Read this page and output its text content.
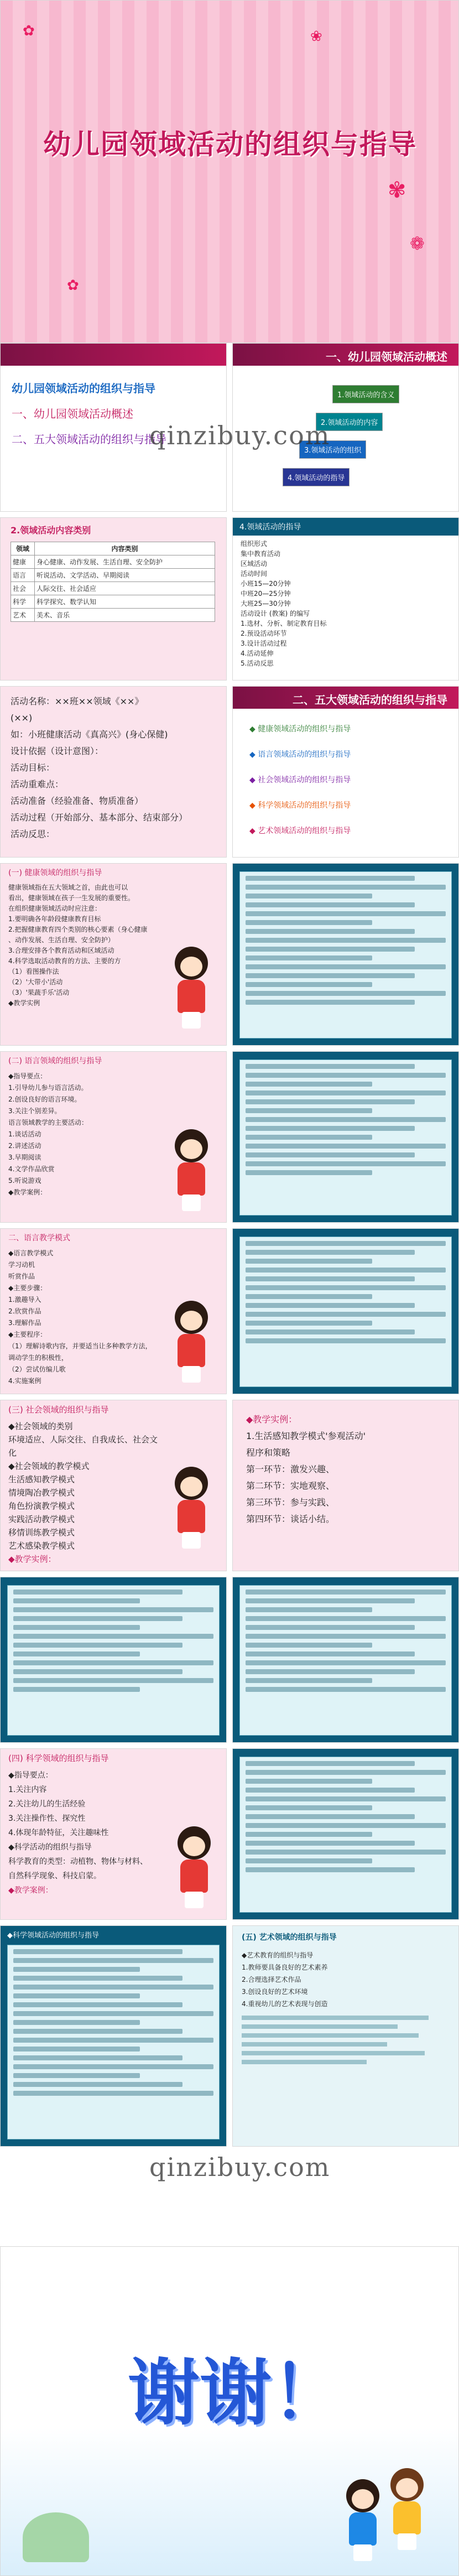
✿	❀
✾
❁
✿
幼儿园领域活动的组织与指导
幼儿园领域活动的组织与指导
一、幼儿园领域活动概述
二、五大领域活动的组织与指导
一、幼儿园领域活动概述
1.领域活动的含义
2.领域活动的内容
3.领域活动的组织
4.领域活动的指导
qinzibuy.com
2.领域活动内容类别
领域	内容类别
健康	身心健康、动作发展、生活自理、安全防护
语言	听说活动、文学活动、早期阅读
社会	人际交往、社会适应
科学	科学探究、数学认知
艺术	美术、音乐
4.领域活动的指导
组织形式
集中教育活动
区域活动
活动时间
小班15—20分钟
中班20—25分钟
大班25—30分钟
活动设计 (教案) 的编写
1.选材、分析、制定教育目标
2.预设活动环节
3.设计活动过程
4.活动延伸
5.活动反思
活动名称：××班××领域《××》
(××)
如：小班健康活动《真高兴》(身心保健)
设计依据（设计意图）：
活动目标：
活动重难点：
活动准备（经验准备、物质准备）
活动过程（开始部分、基本部分、结束部分）
活动反思：
二、五大领域活动的组织与指导
◆ 健康领域活动的组织与指导
◆ 语言领域活动的组织与指导
◆ 社会领域活动的组织与指导
◆ 科学领域活动的组织与指导
◆ 艺术领域活动的组织与指导
(一) 健康领域的组织与指导
健康领域指在五大领域之首，由此也可以
看出，健康领域在孩子一生发展的重要性。
在组织健康领域活动时应注意：
1.要明确各年龄段健康教育目标
2.把握健康教育四个类别的核心要素（身心健康
、动作发展、生活自理、安全防护）
3.合理安排各个教育活动和区域活动
4.科学选取活动教育的方法、主要的方
（1）看图操作法
（2）'大带小'活动
（3）'果蔬手乐'活动
◆教学实例
(二) 语言领域的组织与指导
◆指导要点：
1.引导幼儿参与语言活动。
2.创设良好的语言环境。
3.关注个别差异。
语言领域教学的主要活动：
1.谈话活动
2.讲述活动
3.早期阅读
4.文学作品欣赏
5.听说游戏
◆教学案例：
二、语言教学模式
◆语言教学模式
学习动机
听赏作品
◆主要步骤：
1.激趣导入
2.欣赏作品
3.理解作品
◆主要程序：
（1）理解诗歌内容，并要适当让多种教学方法，
调动学生的积极性，
（2）尝试仿编儿歌
4.实施案例
(三) 社会领域的组织与指导
◆社会领域的类别
环境适应、人际交往、自我成长、社会文化
◆社会领域的教学模式
生活感知教学模式
情境陶冶教学模式
角色扮演教学模式
实践活动教学模式
移情训练教学模式
艺术感染教学模式
◆教学实例：
◆教学实例：
1.生活感知教学模式'参观活动'
程序和策略
第一环节：激发兴趣、
第二环节：实地观察、
第三环节：参与实践、
第四环节：谈话小结。
(四) 科学领域的组织与指导
◆指导要点：
1.关注内容
2.关注幼儿的生活经验
3.关注操作性、探究性
4.体现年龄特征，关注趣味性
◆科学活动的组织与指导
科学教育的类型：动植物、物体与材料、
自然科学现象、科技启蒙。
◆教学案例：
◆科学领域活动的组织与指导	(五) 艺术领域的组织与指导
◆艺术教育的组织与指导
1.教师要具备良好的艺术素养
2.合理选择艺术作品
3.创设良好的艺术环境
4.重视幼儿的艺术表现与创造
qinzibuy.com
谢谢！
